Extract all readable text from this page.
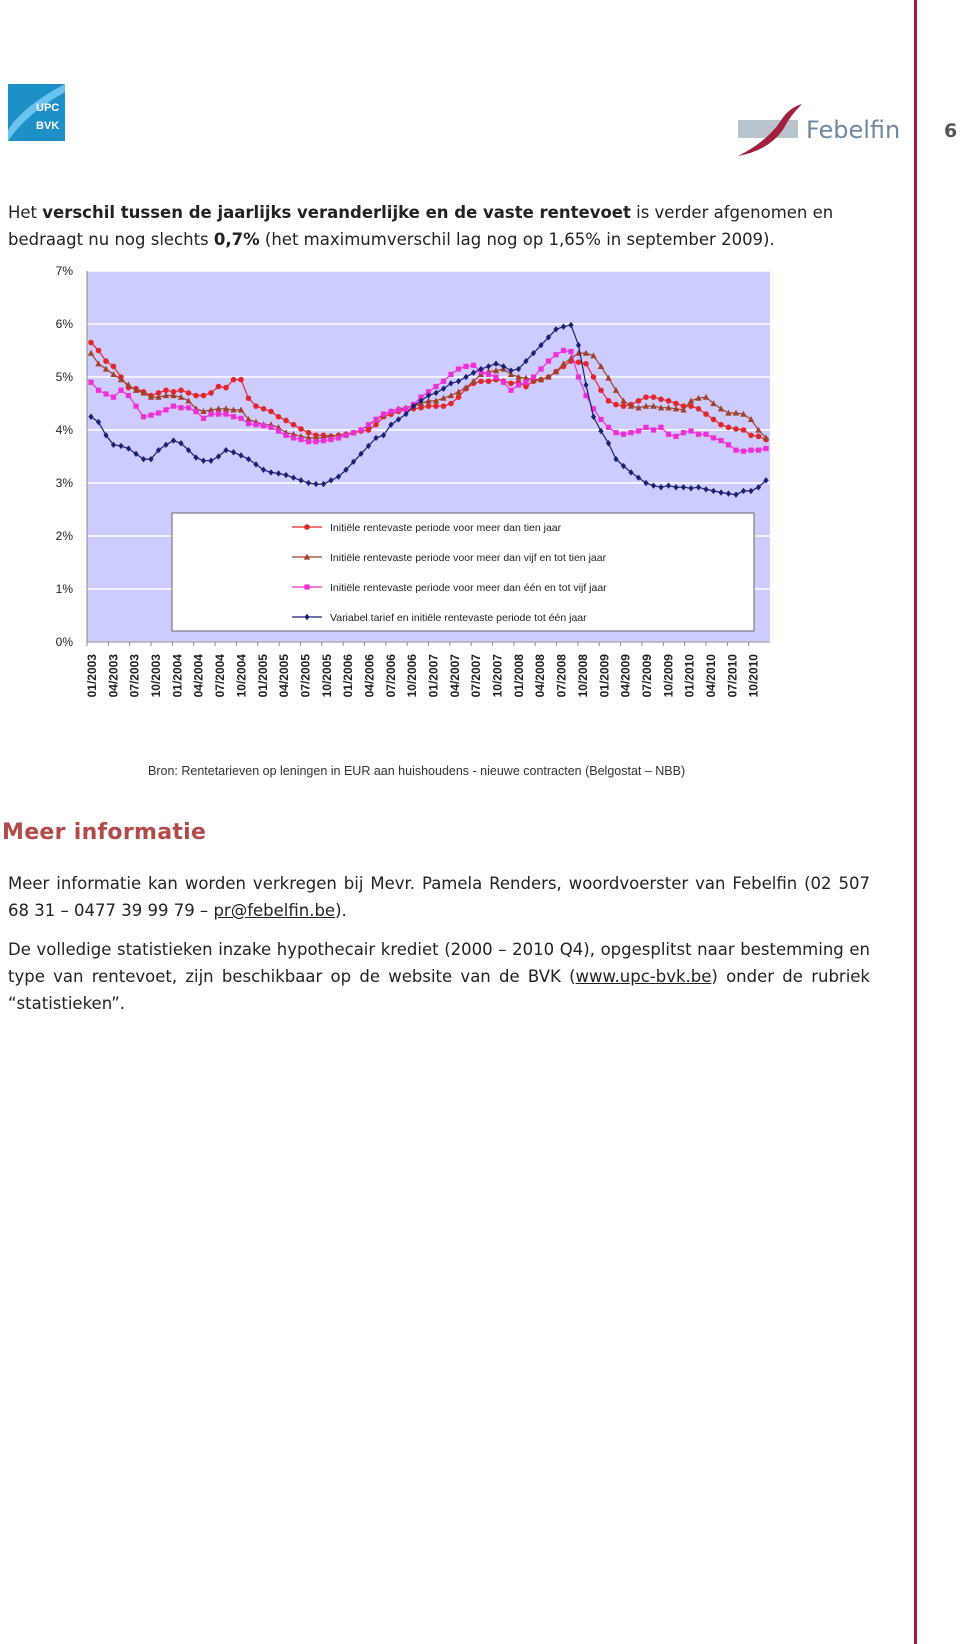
6
UPC
BVK	Febelfin
Het verschil tussen de jaarlijks veranderlijke en de vaste rentevoet is verder afgenomen en bedraagt nu nog slechts 0,7% (het maximumverschil lag nog op 1,65% in september 2009).
0%
1%
2%
3%
4%
5%
6%
7%
01/2003 04/2003 07/2003 10/2003 01/2004 04/2004 07/2004 10/2004 01/2005 04/2005 07/2005 10/2005 01/2006 04/2006 07/2006 10/2006 01/2007 04/2007 07/2007 10/2007 01/2008 04/2008 07/2008 10/2008 01/2009 04/2009 07/2009 10/2009 01/2010 04/2010 07/2010 10/2010
Initiële rentevaste periode voor meer dan tien jaar
Initiële rentevaste periode voor meer dan vijf en tot tien jaar
Initiële rentevaste periode voor meer dan één en tot vijf jaar
Variabel tarief en initiële rentevaste periode tot één jaar
Bron: Rentetarieven op leningen in EUR aan huishoudens - nieuwe contracten (Belgostat – NBB)
Meer informatie
Meer informatie kan worden verkregen bij Mevr. Pamela Renders, woordvoerster van Febelfin (02 507 68 31 – 0477 39 99 79 – pr@febelfin.be).
De volledige statistieken inzake hypothecair krediet (2000 – 2010 Q4), opgesplitst naar bestemming en type van rentevoet, zijn beschikbaar op de website van de BVK (www.upc-bvk.be) onder de rubriek “statistieken”.
